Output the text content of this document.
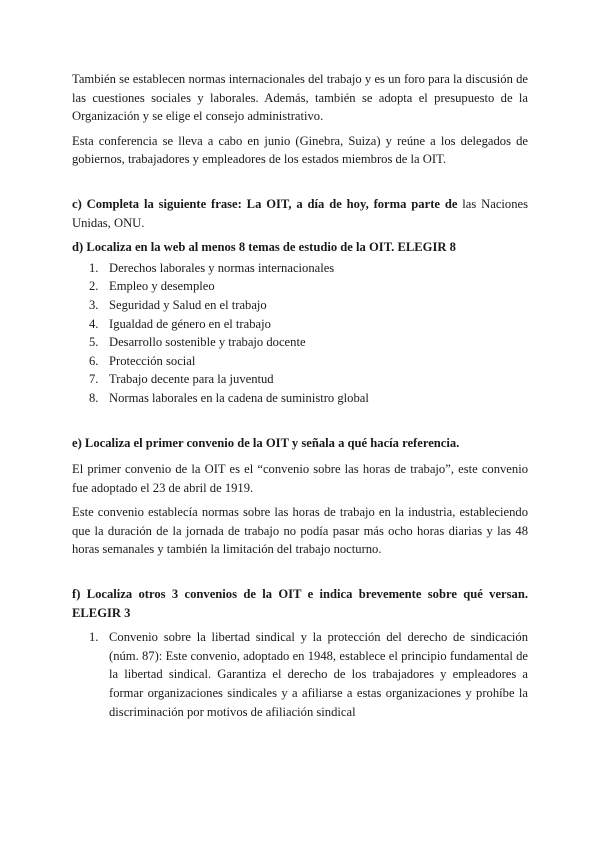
También se establecen normas internacionales del trabajo y es un foro para la discusión de las cuestiones sociales y laborales. Además, también se adopta el presupuesto de la Organización y se elige el consejo administrativo.

Esta conferencia se lleva a cabo en junio (Ginebra, Suiza) y reúne a los delegados de gobiernos, trabajadores y empleadores de los estados miembros de la OIT.

c) Completa la siguiente frase: La OIT, a día de hoy, forma parte de las Naciones Unidas, ONU.

d) Localiza en la web al menos 8 temas de estudio de la OIT. ELEGIR 8

1. Derechos laborales y normas internacionales
2. Empleo y desempleo
3. Seguridad y Salud en el trabajo
4. Igualdad de género en el trabajo
5. Desarrollo sostenible y trabajo docente
6. Protección social
7. Trabajo decente para la juventud
8. Normas laborales en la cadena de suministro global

e) Localiza el primer convenio de la OIT y señala a qué hacía referencia.

El primer convenio de la OIT es el “convenio sobre las horas de trabajo”, este convenio fue adoptado el 23 de abril de 1919.

Este convenio establecía normas sobre las horas de trabajo en la industria, estableciendo que la duración de la jornada de trabajo no podía pasar más ocho horas diarias y las 48 horas semanales y también la limitación del trabajo nocturno.

f) Localiza otros 3 convenios de la OIT e indica brevemente sobre qué versan. ELEGIR 3

1. Convenio sobre la libertad sindical y la protección del derecho de sindicación (núm. 87): Este convenio, adoptado en 1948, establece el principio fundamental de la libertad sindical. Garantiza el derecho de los trabajadores y empleadores a formar organizaciones sindicales y a afiliarse a estas organizaciones y prohíbe la discriminación por motivos de afiliación sindical
